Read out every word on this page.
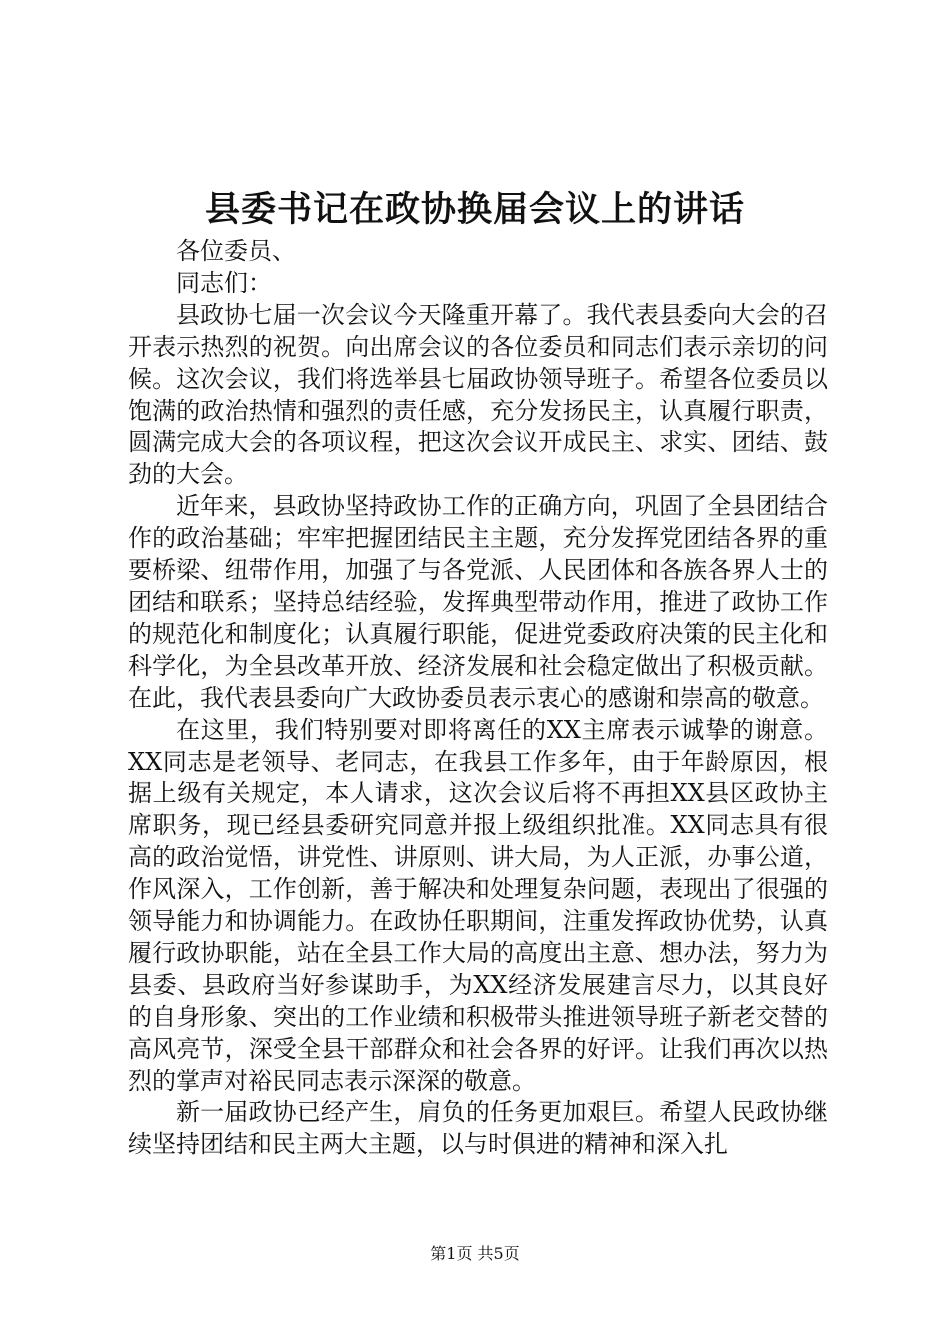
县委书记在政协换届会议上的讲话

各位委员、

同志们：

县政协七届一次会议今天隆重开幕了。我代表县委向大会的召开表示热烈的祝贺。向出席会议的各位委员和同志们表示亲切的问候。这次会议，我们将选举县七届政协领导班子。希望各位委员以饱满的政治热情和强烈的责任感，充分发扬民主，认真履行职责，圆满完成大会的各项议程，把这次会议开成民主、求实、团结、鼓劲的大会。

近年来，县政协坚持政协工作的正确方向，巩固了全县团结合作的政治基础；牢牢把握团结民主主题，充分发挥党团结各界的重要桥梁、纽带作用，加强了与各党派、人民团体和各族各界人士的团结和联系；坚持总结经验，发挥典型带动作用，推进了政协工作的规范化和制度化；认真履行职能，促进党委政府决策的民主化和科学化，为全县改革开放、经济发展和社会稳定做出了积极贡献。在此，我代表县委向广大政协委员表示衷心的感谢和崇高的敬意。

在这里，我们特别要对即将离任的XX主席表示诚挚的谢意。XX同志是老领导、老同志，在我县工作多年，由于年龄原因，根据上级有关规定，本人请求，这次会议后将不再担XX县区政协主席职务，现已经县委研究同意并报上级组织批准。XX同志具有很高的政治觉悟，讲党性、讲原则、讲大局，为人正派，办事公道，作风深入，工作创新，善于解决和处理复杂问题，表现出了很强的领导能力和协调能力。在政协任职期间，注重发挥政协优势，认真履行政协职能，站在全县工作大局的高度出主意、想办法，努力为县委、县政府当好参谋助手，为XX经济发展建言尽力，以其良好的自身形象、突出的工作业绩和积极带头推进领导班子新老交替的高风亮节，深受全县干部群众和社会各界的好评。让我们再次以热烈的掌声对裕民同志表示深深的敬意。

新一届政协已经产生，肩负的任务更加艰巨。希望人民政协继续坚持团结和民主两大主题，以与时俱进的精神和深入扎

第1页 共5页
